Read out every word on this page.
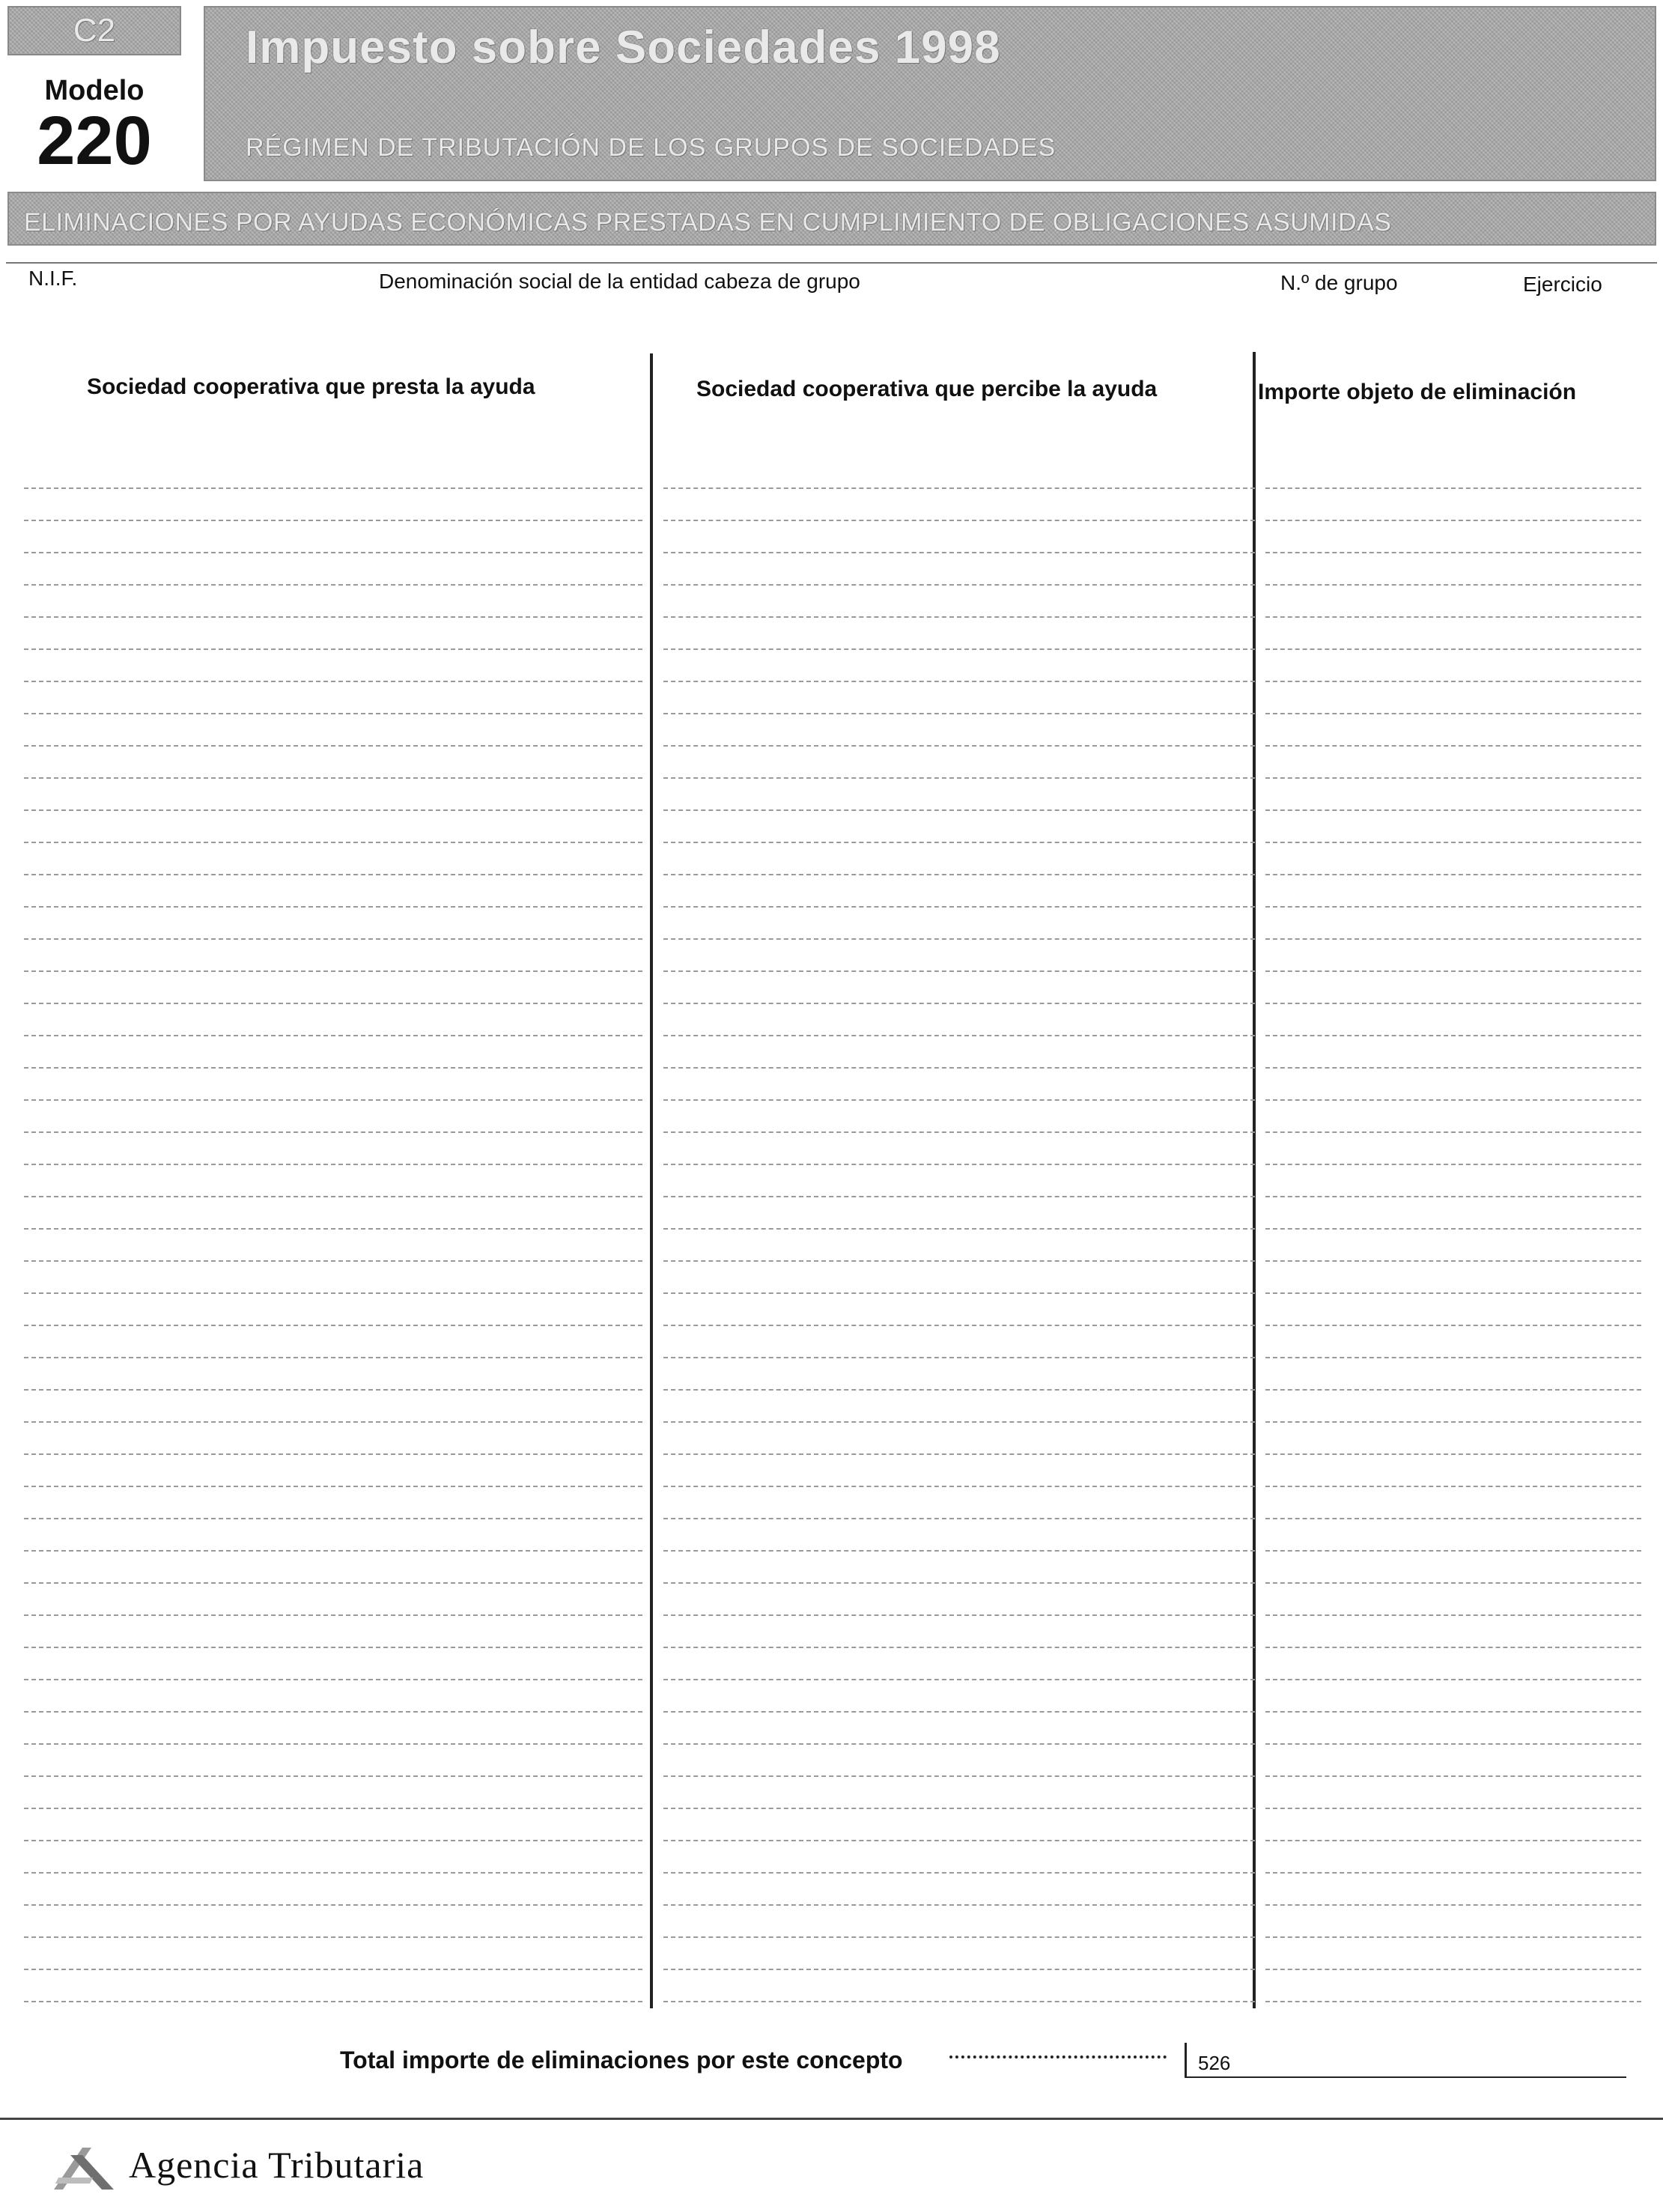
C2
Modelo
220
Impuesto sobre Sociedades 1998
RÉGIMEN DE TRIBUTACIÓN DE LOS GRUPOS DE SOCIEDADES
ELIMINACIONES POR AYUDAS ECONÓMICAS PRESTADAS EN CUMPLIMIENTO DE OBLIGACIONES ASUMIDAS
N.I.F.	Denominación social de la entidad cabeza de grupo	N.º de grupo	Ejercicio
Sociedad cooperativa que presta la ayuda	Sociedad cooperativa que percibe la ayuda	Importe objeto de eliminación
Total importe de eliminaciones por este concepto	526
Agencia Tributaria
